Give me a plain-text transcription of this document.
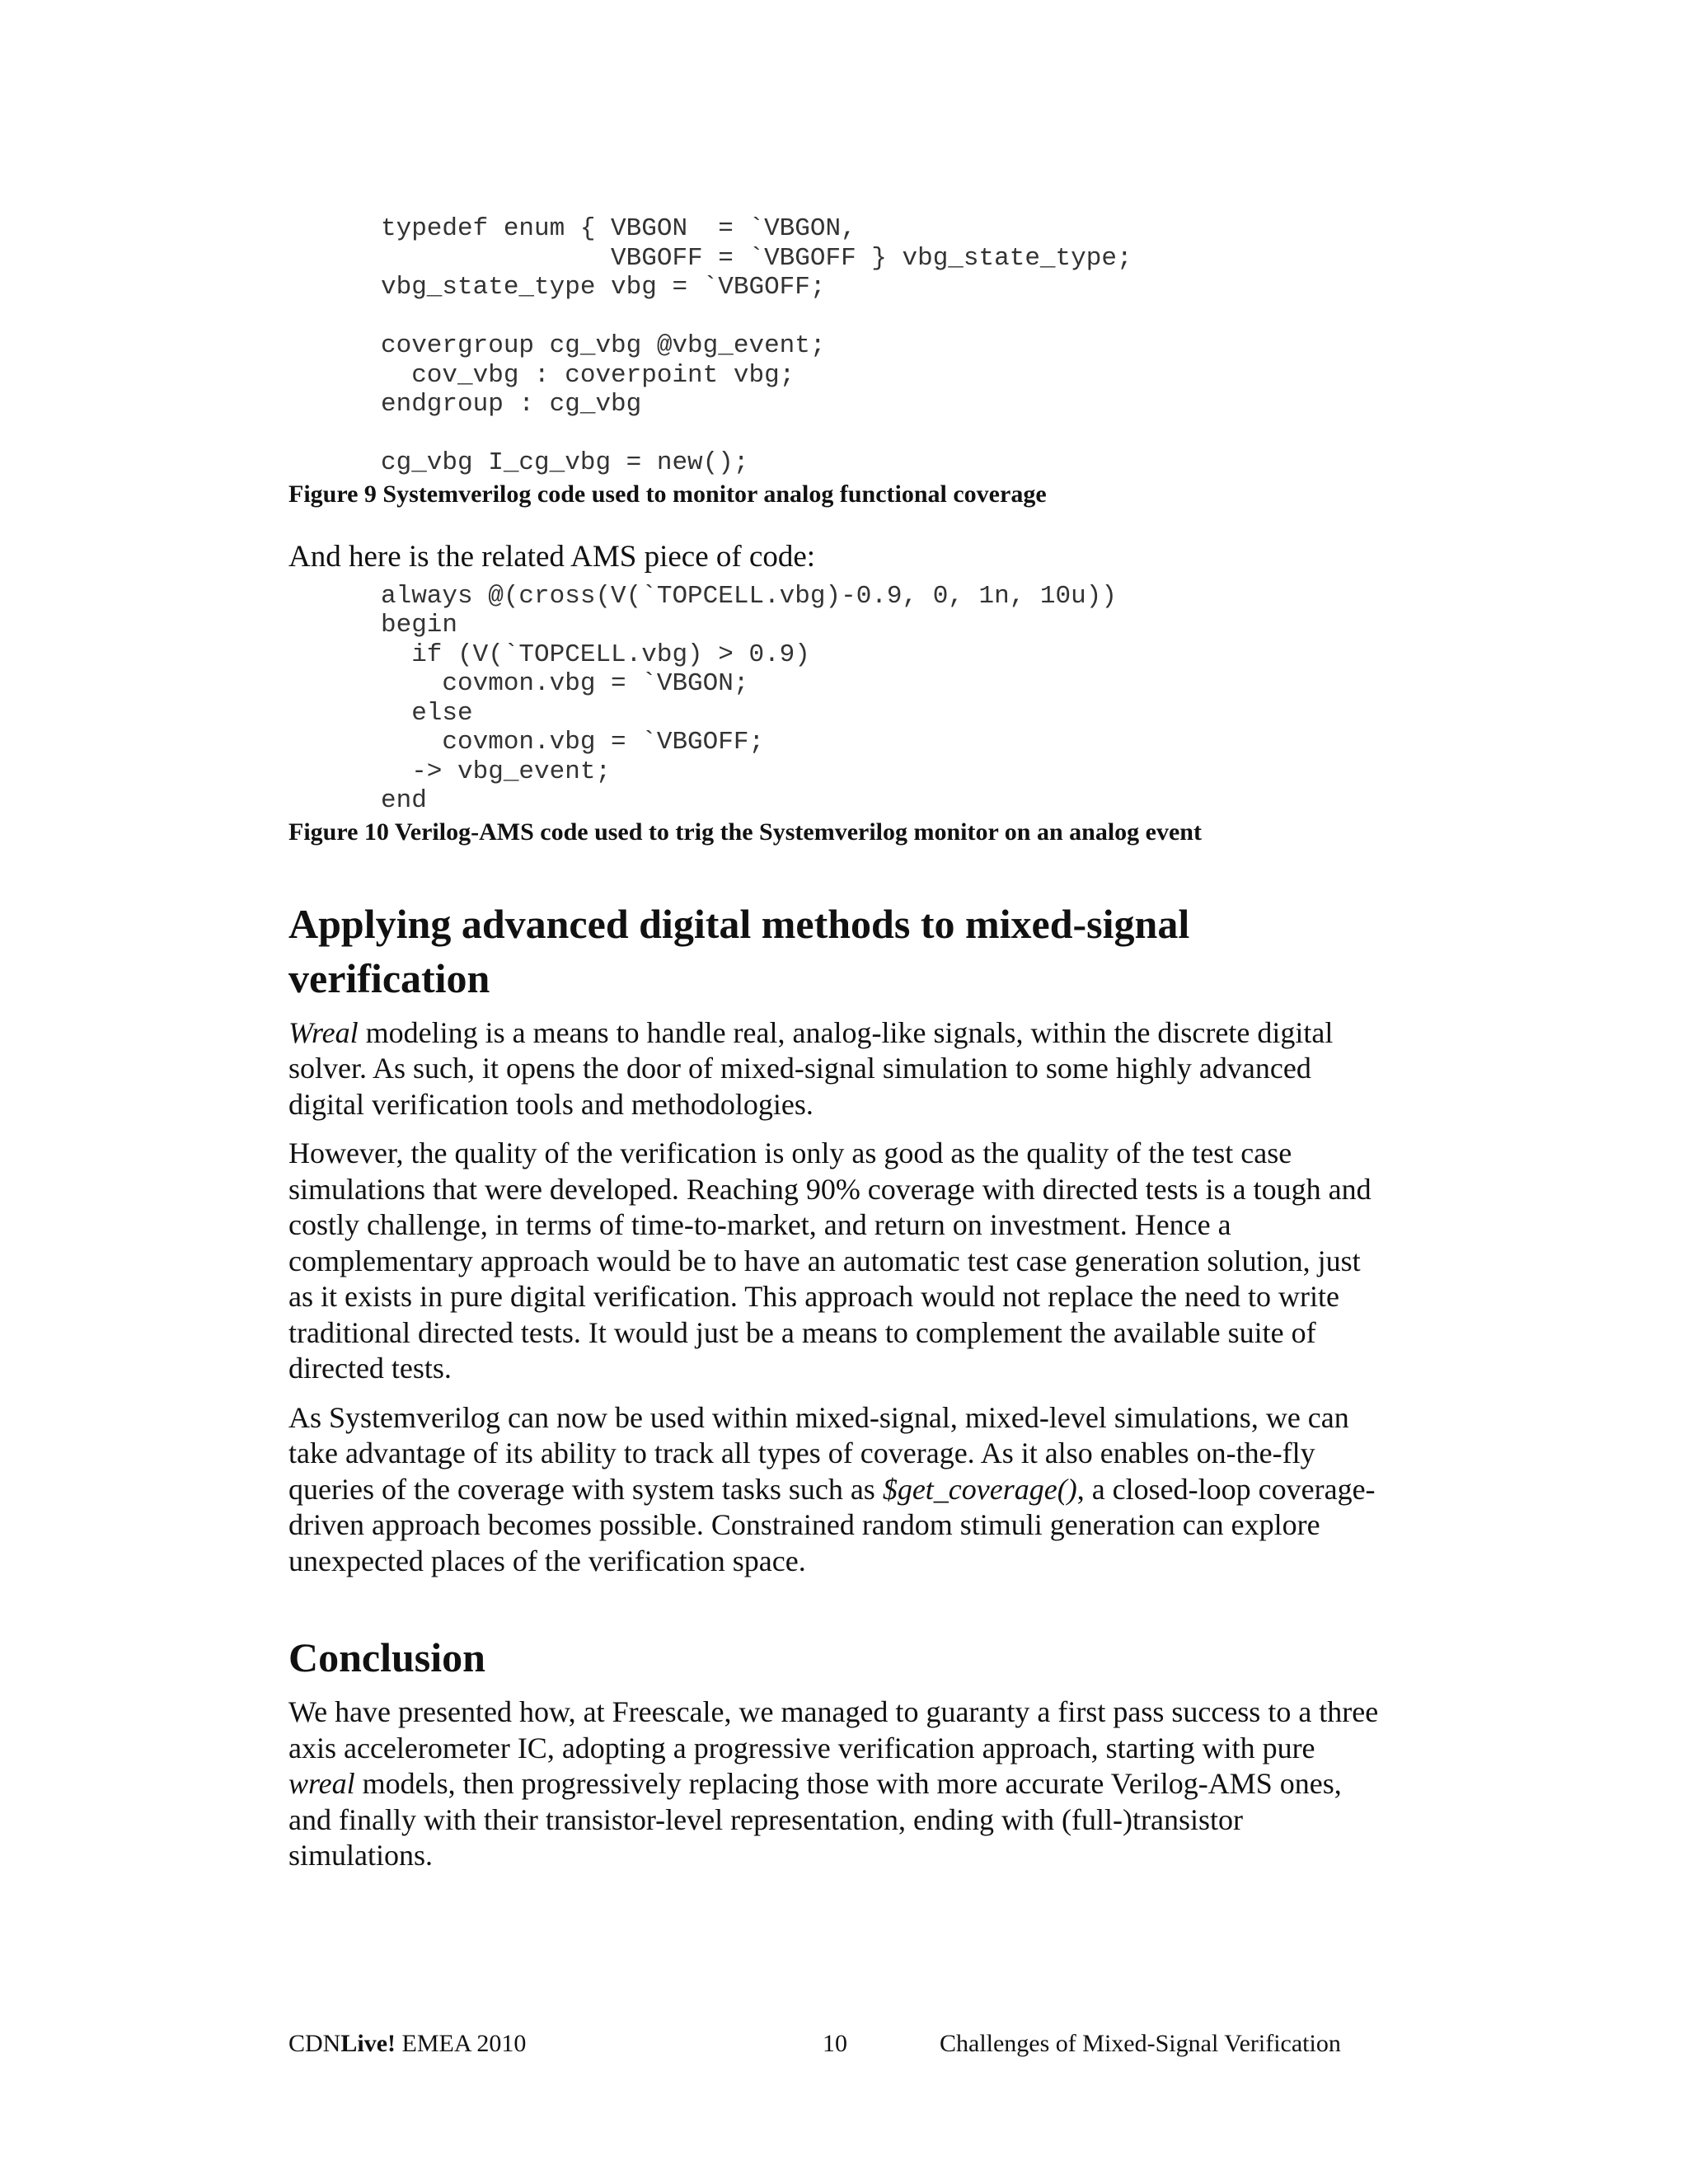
typedef enum { VBGON  = `VBGON,
VBGOFF = `VBGOFF } vbg_state_type;
vbg_state_type vbg = `VBGOFF;

covergroup cg_vbg @vbg_event;
cov_vbg : coverpoint vbg;
endgroup : cg_vbg

cg_vbg I_cg_vbg = new();

Figure 9 Systemverilog code used to monitor analog functional coverage

And here is the related AMS piece of code:

always @(cross(V(`TOPCELL.vbg)-0.9, 0, 1n, 10u))
begin
if (V(`TOPCELL.vbg) > 0.9)
covmon.vbg = `VBGON;
else
covmon.vbg = `VBGOFF;
-> vbg_event;
end

Figure 10 Verilog-AMS code used to trig the Systemverilog monitor on an analog event

Applying advanced digital methods to mixed-signal verification

Wreal modeling is a means to handle real, analog-like signals, within the discrete digital solver. As such, it opens the door of mixed-signal simulation to some highly advanced digital verification tools and methodologies.

However, the quality of the verification is only as good as the quality of the test case simulations that were developed. Reaching 90% coverage with directed tests is a tough and costly challenge, in terms of time-to-market, and return on investment. Hence a complementary approach would be to have an automatic test case generation solution, just as it exists in pure digital verification. This approach would not replace the need to write traditional directed tests. It would just be a means to complement the available suite of directed tests.

As Systemverilog can now be used within mixed-signal, mixed-level simulations, we can take advantage of its ability to track all types of coverage. As it also enables on-the-fly queries of the coverage with system tasks such as $get_coverage(), a closed-loop coverage-driven approach becomes possible. Constrained random stimuli generation can explore unexpected places of the verification space.

Conclusion

We have presented how, at Freescale, we managed to guaranty a first pass success to a three axis accelerometer IC, adopting a progressive verification approach, starting with pure wreal models, then progressively replacing those with more accurate Verilog-AMS ones, and finally with their transistor-level representation, ending with (full-)transistor simulations.

CDNLive! EMEA 2010	10	Challenges of Mixed-Signal Verification
